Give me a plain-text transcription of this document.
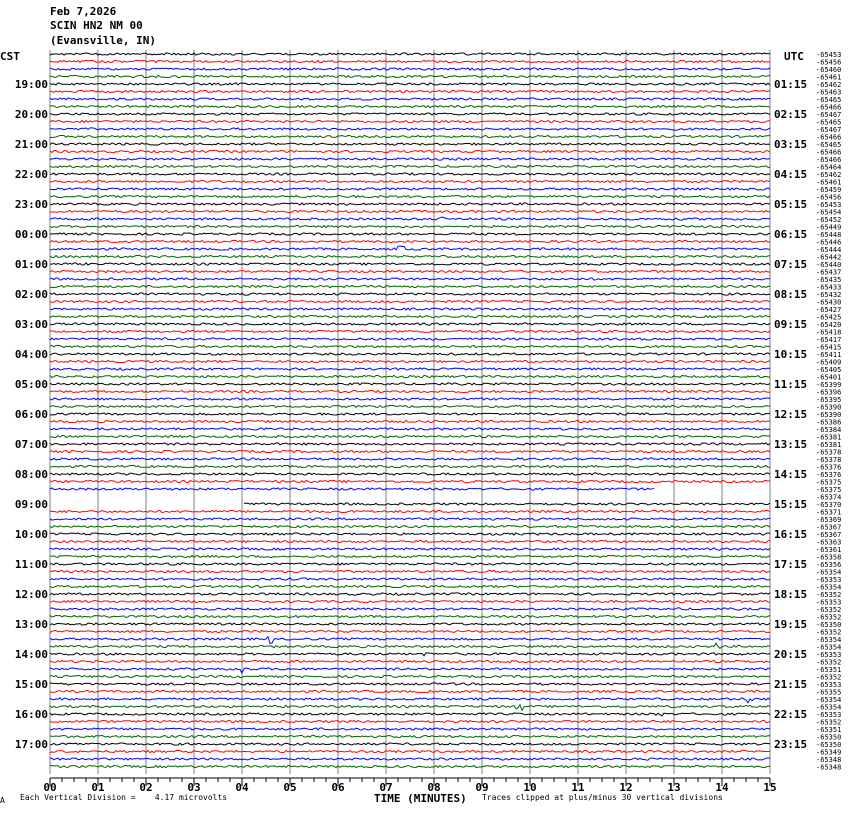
Feb 7,2026
SCIN HN2 NM 00
(Evansville, IN)
CST	UTC -65453
-65456
-65460
-65461
-65462
-65463
-65465
-65466
-65467
-65465
-65467
-65466
-65465
-65466
-65466
-65464
-65462
-65461
-65459
-65456
-65453
-65454
-65452
-65449
-65448
-65446
-65444
-65442
-65440
-65437
-65435
-65433
-65432
-65430
-65427
-65425
-65420
-65418
-65417
-65415
-65411
-65409
-65405
-65401
-65399
-65396
-65395
-65390
-65390
-65386
-65384
-65381
-65381
-65378
-65378
-65376
-65376
-65375
-65375
-65374
-65370
-65371
-65369
-65367
-65367
-65363
-65361
-65358
-65356
-65354
-65353
-65354
-65352
-65353
-65352
-65352
-65350
-65352
-65354
-65354
-65353
-65352
-65351
-65352
-65353
-65355
-65354
-65354
-65353
-65352
-65351
-65350
-65350
-65349
-65348
-65348
19:00	01:15
20:00	02:15
21:00	03:15
22:00	04:15
23:00	05:15
00:00	06:15
01:00	07:15
02:00	08:15
03:00	09:15
04:00	10:15
05:00	11:15
06:00	12:15
07:00	13:15
08:00	14:15
09:00	15:15
10:00	16:15
11:00	17:15
12:00	18:15
13:00	19:15
14:00	20:15
15:00	21:15
16:00	22:15
17:00	23:15
00	01	02	03	04	05	06	07	08	09	10	11	12	13	14	15
A Each Vertical Division =    4.17 microvolts	TIME (MINUTES) Traces clipped at plus/minus 30 vertical divisions
